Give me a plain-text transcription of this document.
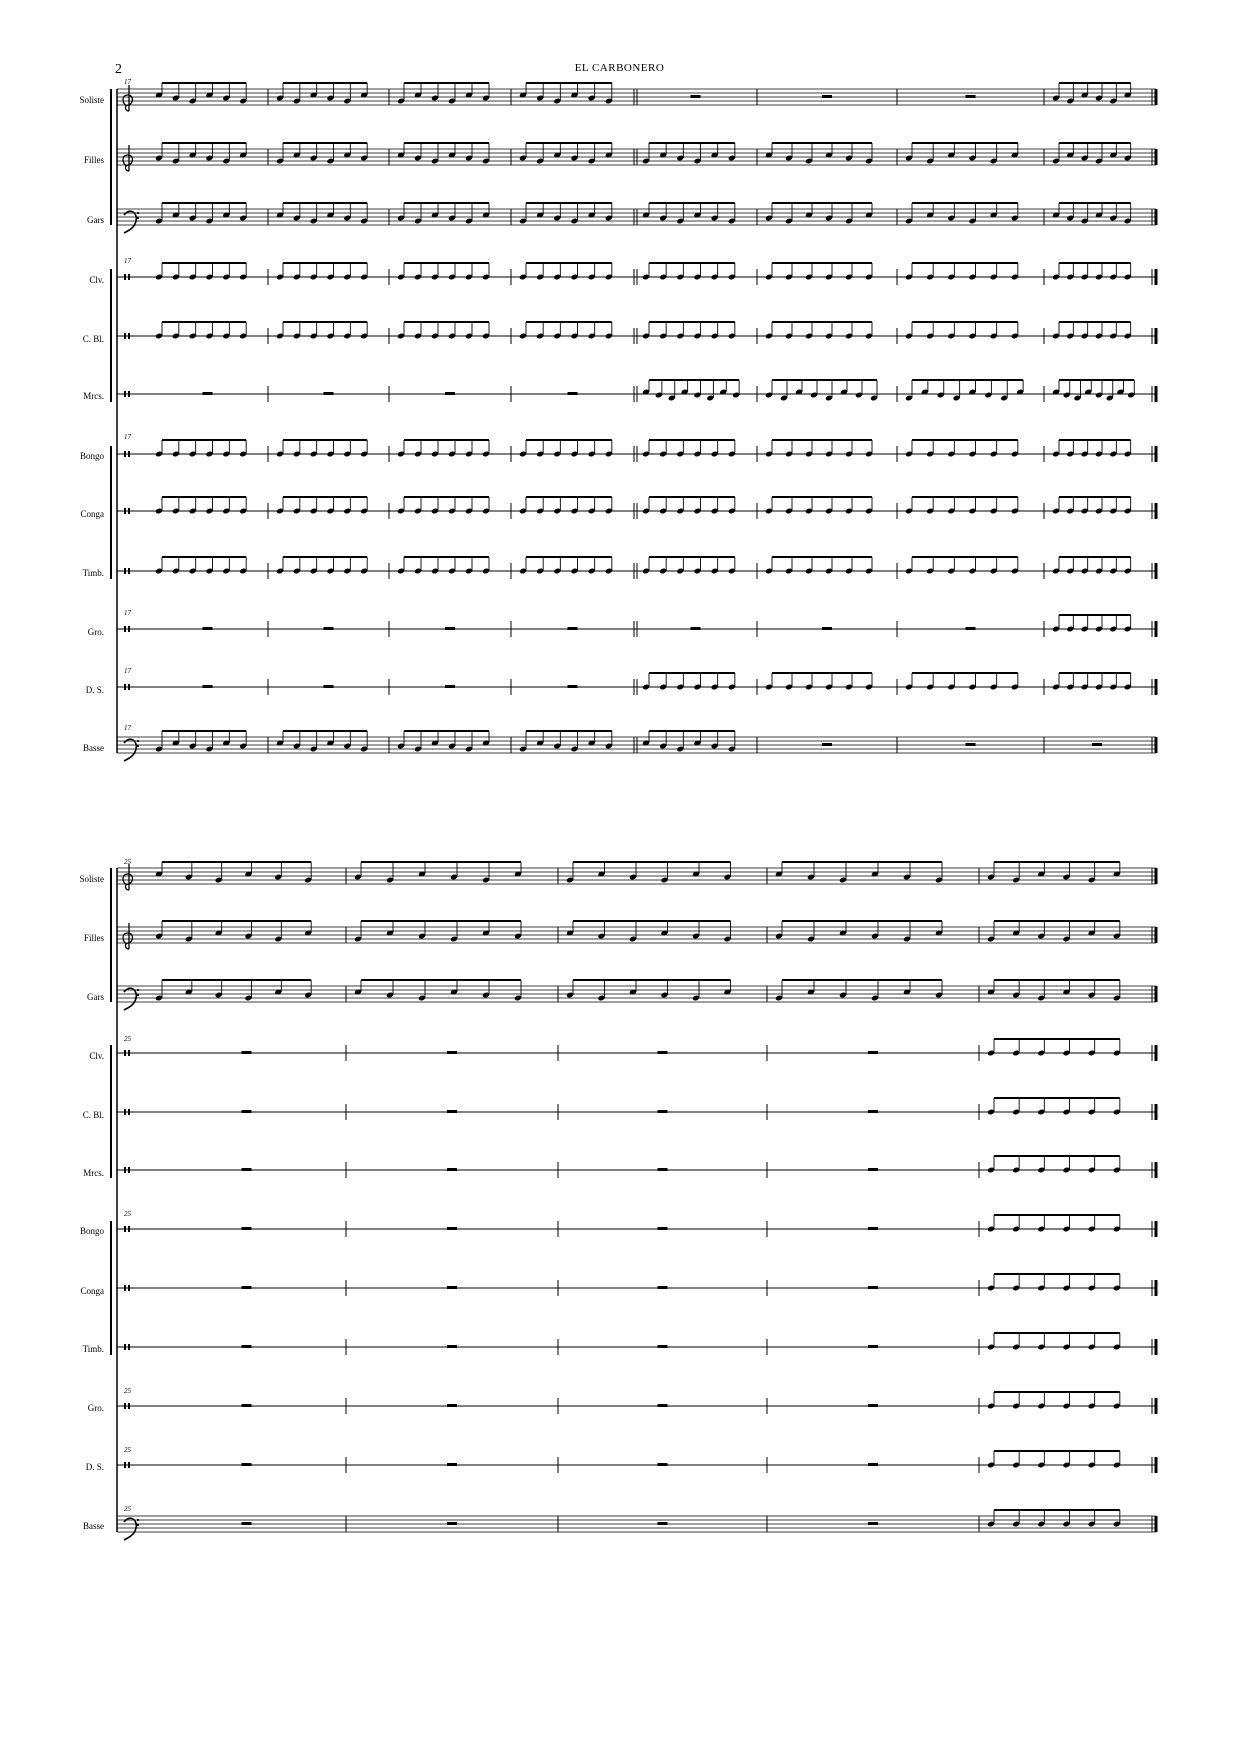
2	EL CARBONERO
Soliste
Filles
Gars
Clv.
C. Bl.
Mrcs.
Bongo
Conga
Timb.
Gro.
D. S.
Basse
Soliste
Filles
Gars
Clv.
C. Bl.
Mrcs.
Bongo
Conga
Timb.
Gro.
D. S.
Basse
17
17
17
17
17
17
25
25
25
25
25
25
